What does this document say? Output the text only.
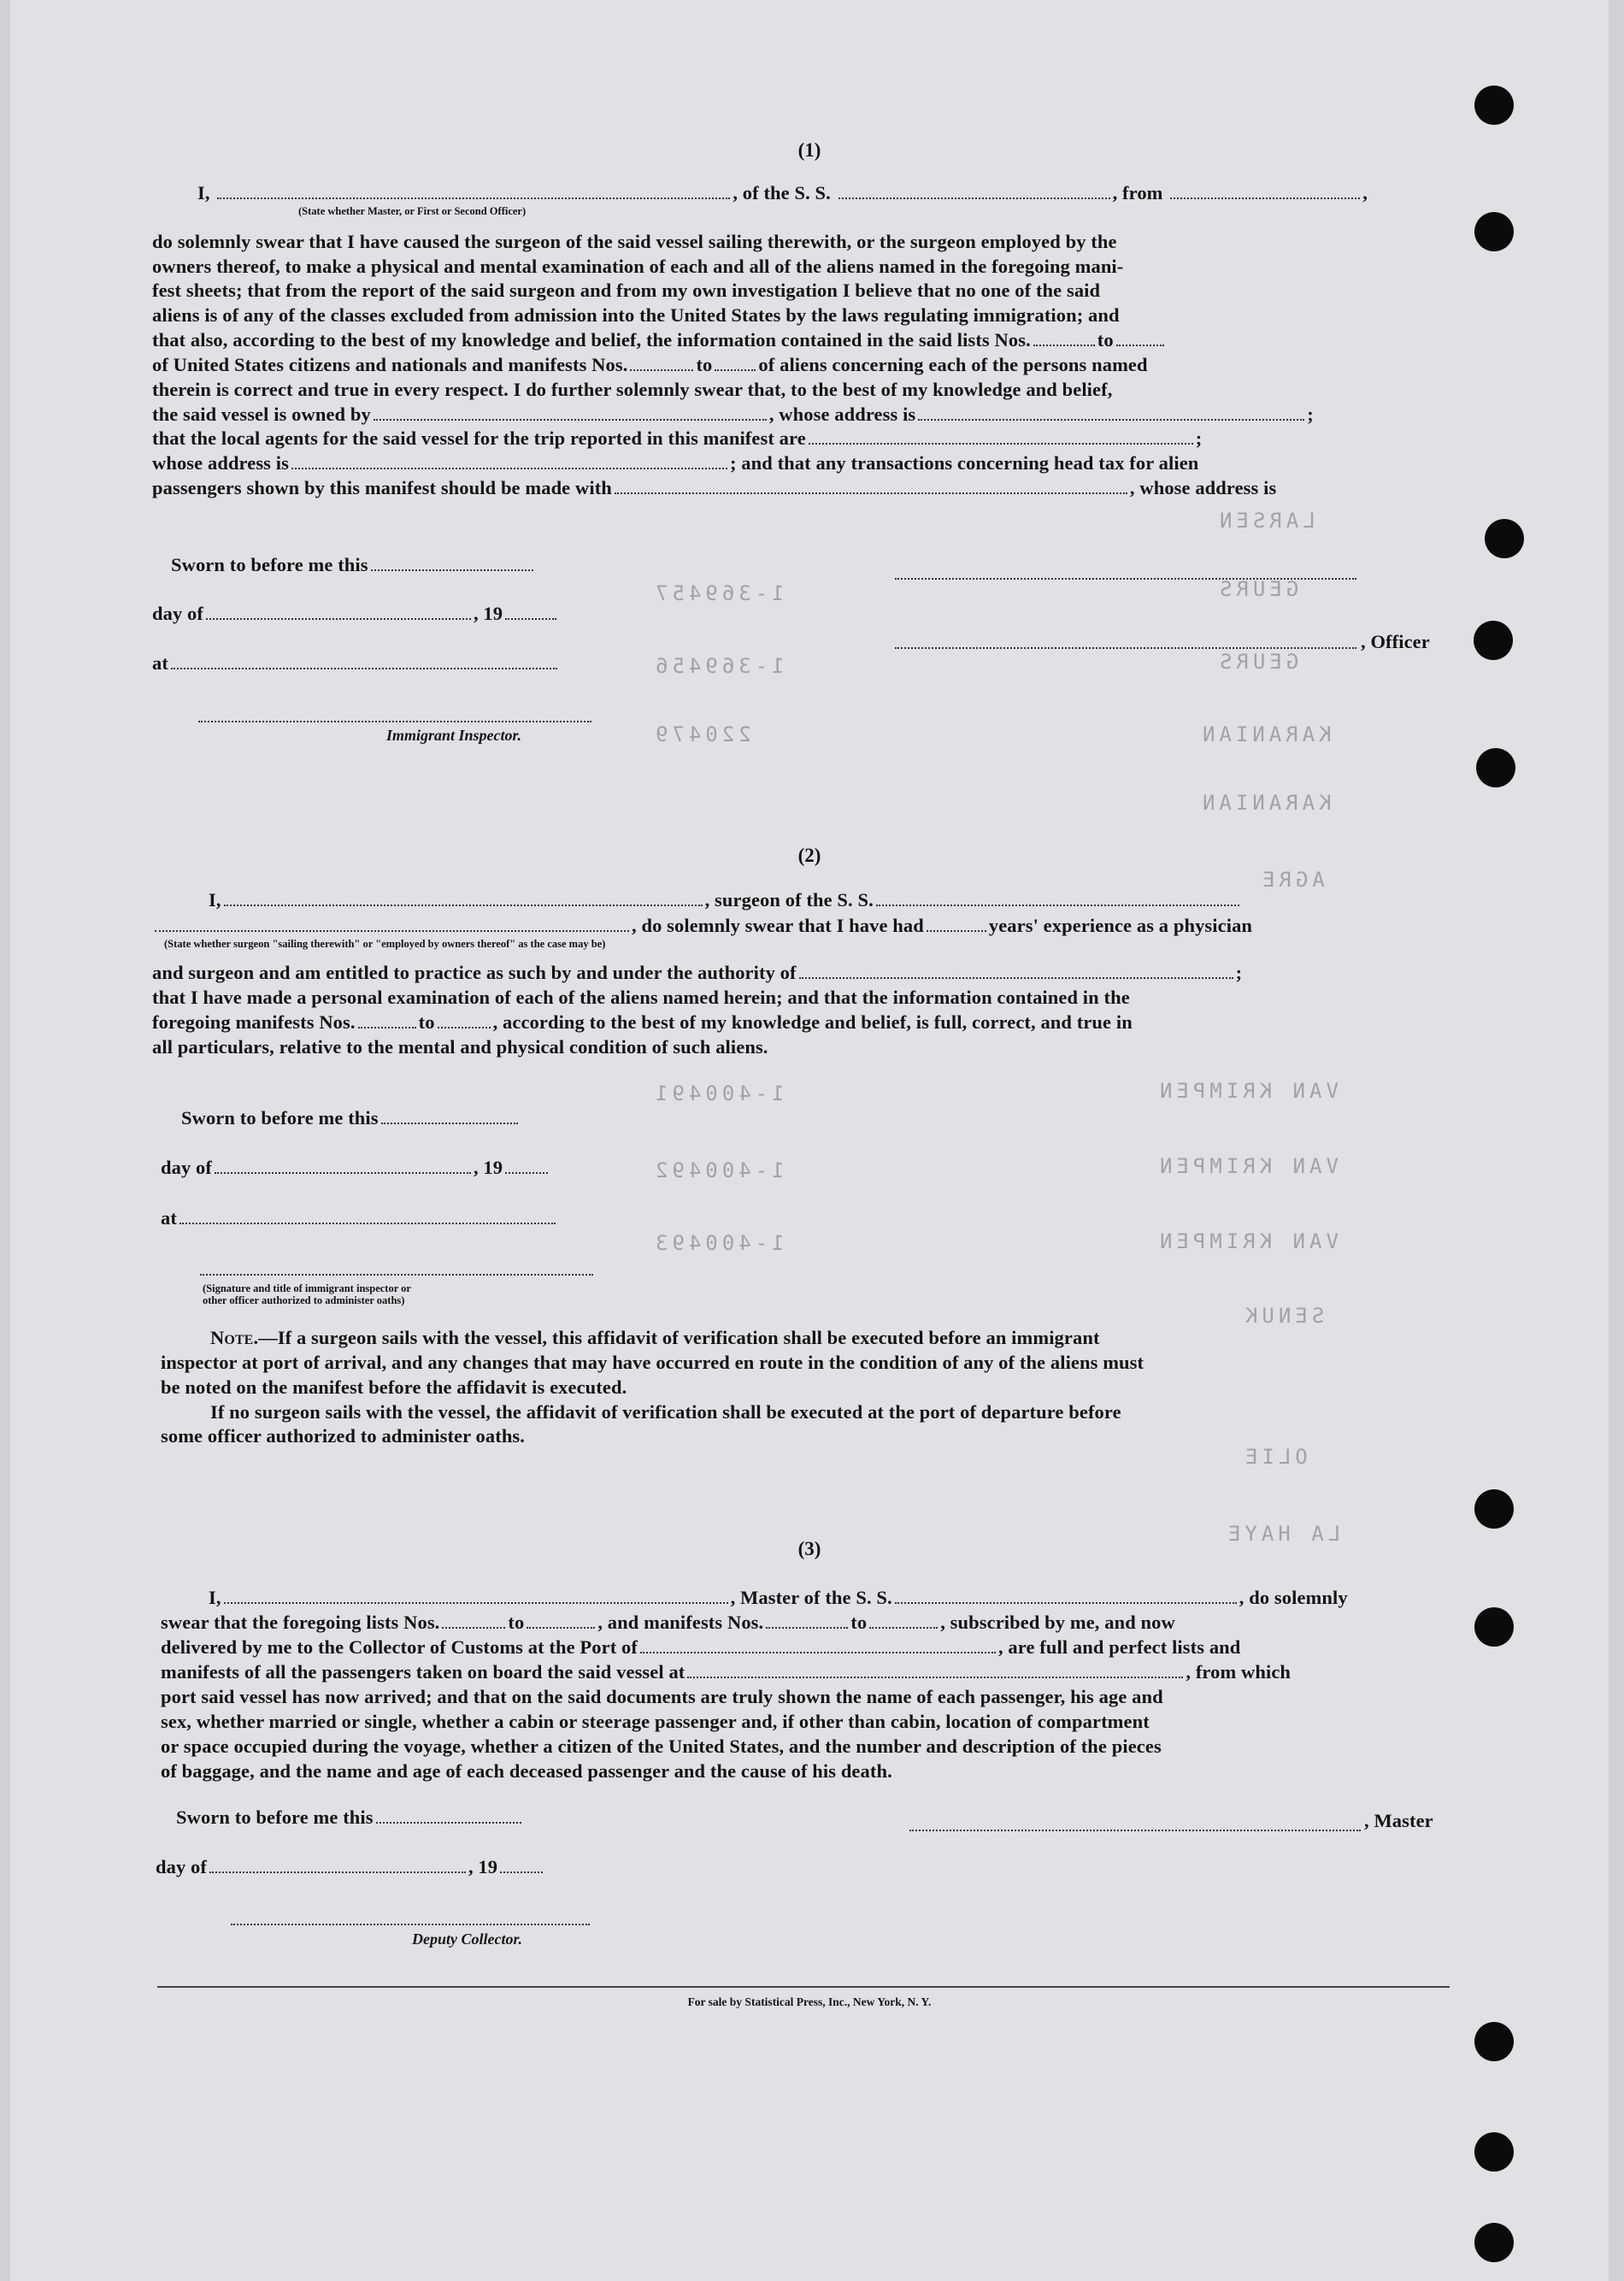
LARSEN
GEURS
GEURS
KARANIAN
KARANIAN
AGRE
VAN KRIMPEN
VAN KRIMPEN
VAN KRIMPEN
SENUK
OLIE
LA HAYE
1-369457
1-369456
220479
1-400491
1-400492
1-400493
(1)
I,	, of the S. S.	, from	,
(State whether Master, or First or Second Officer)
do solemnly swear that I have caused the surgeon of the said vessel sailing therewith, or the surgeon employed by the
owners thereof, to make a physical and mental examination of each and all of the aliens named in the foregoing mani-
fest sheets; that from the report of the said surgeon and from my own investigation I believe that no one of the said
aliens is of any of the classes excluded from admission into the United States by the laws regulating immigration; and
that also, according to the best of my knowledge and belief, the information contained in the said lists Nos.	to
of United States citizens and nationals and manifests Nos.	to of aliens concerning each of the persons named
therein is correct and true in every respect. I do further solemnly swear that, to the best of my knowledge and belief,
the said vessel is owned by	, whose address is	;
that the local agents for the said vessel for the trip reported in this manifest are	;
whose address is	; and that any transactions concerning head tax for alien
passengers shown by this manifest should be made with	, whose address is
Sworn to before me this
day of	, 19
, Officer
at
Immigrant Inspector.
(2)
I,	, surgeon of the S. S.
, do solemnly swear that I have had	years' experience as a physician
(State whether surgeon "sailing therewith" or "employed by owners thereof" as the case may be)
and surgeon and am entitled to practice as such by and under the authority of	;
that I have made a personal examination of each of the aliens named herein; and that the information contained in the
foregoing manifests Nos.	to	, according to the best of my knowledge and belief, is full, correct, and true in
all particulars, relative to the mental and physical condition of such aliens.
Sworn to before me this
day of	, 19
at
(Signature and title of immigrant inspector or
other officer authorized to administer oaths)
Note.—If a surgeon sails with the vessel, this affidavit of verification shall be executed before an immigrant
inspector at port of arrival, and any changes that may have occurred en route in the condition of any of the aliens must
be noted on the manifest before the affidavit is executed.
If no surgeon sails with the vessel, the affidavit of verification shall be executed at the port of departure before
some officer authorized to administer oaths.
(3)
I,	, Master of the S. S.	, do solemnly
swear that the foregoing lists Nos.	to	, and manifests Nos.	to	, subscribed by me, and now
delivered by me to the Collector of Customs at the Port of	, are full and perfect lists and
manifests of all the passengers taken on board the said vessel at	, from which
port said vessel has now arrived; and that on the said documents are truly shown the name of each passenger, his age and
sex, whether married or single, whether a cabin or steerage passenger and, if other than cabin, location of compartment
or space occupied during the voyage, whether a citizen of the United States, and the number and description of the pieces
of baggage, and the name and age of each deceased passenger and the cause of his death.
Sworn to before me this	, Master
day of	, 19
Deputy Collector.
For sale by Statistical Press, Inc., New York, N. Y.
